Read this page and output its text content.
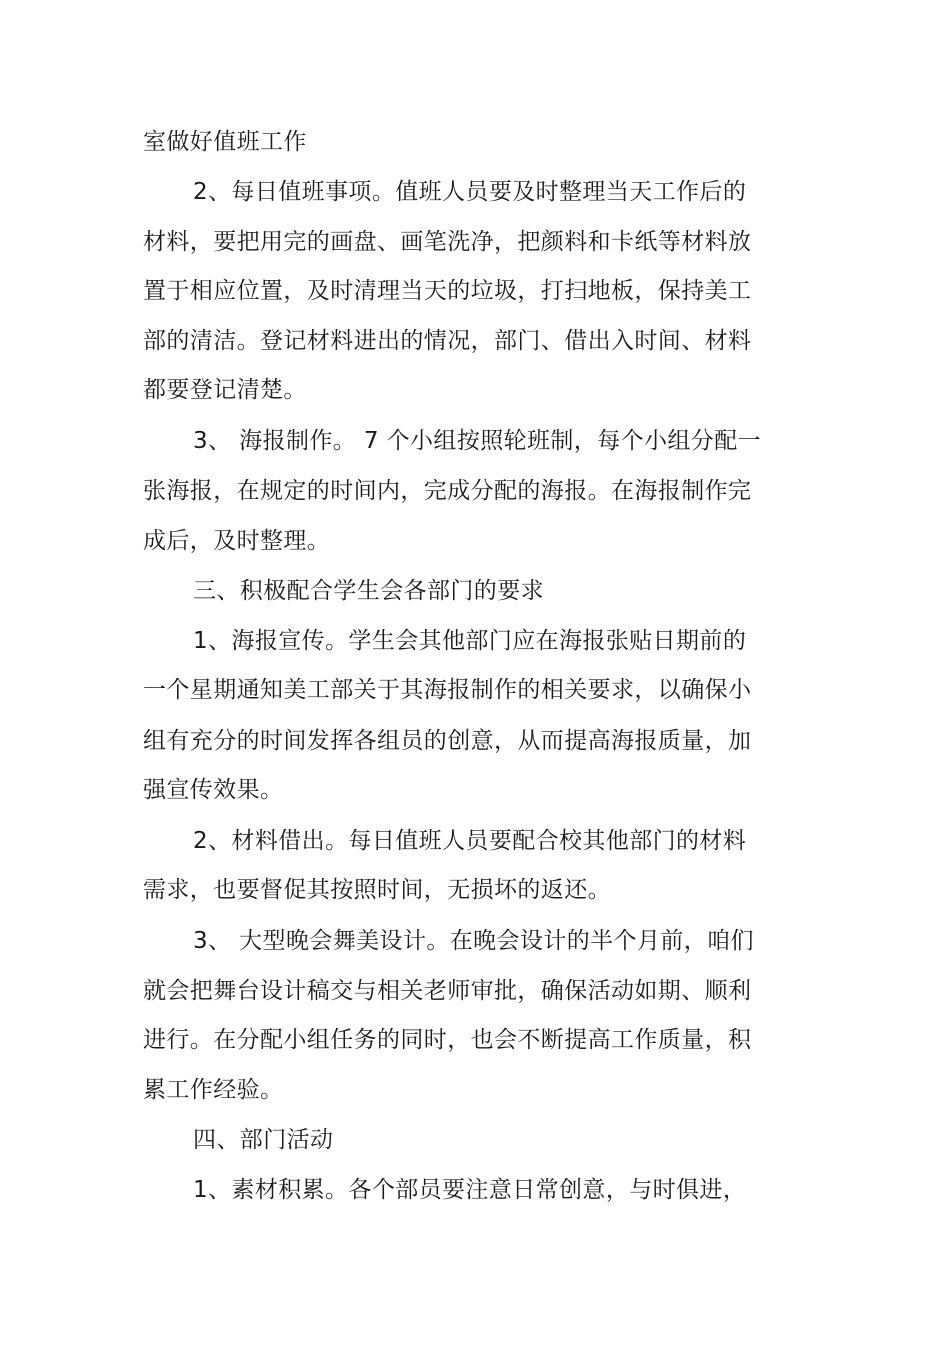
室做好值班工作

2、每日值班事项。值班人员要及时整理当天工作后的

材料，要把用完的画盘、画笔洗净，把颜料和卡纸等材料放

置于相应位置，及时清理当天的垃圾，打扫地板，保持美工

部的清洁。登记材料进出的情况，部门、借出入时间、材料

都要登记清楚。

3、 海报制作。 7 个小组按照轮班制，每个小组分配一

张海报，在规定的时间内，完成分配的海报。在海报制作完

成后，及时整理。

三、积极配合学生会各部门的要求

1、海报宣传。学生会其他部门应在海报张贴日期前的

一个星期通知美工部关于其海报制作的相关要求，以确保小

组有充分的时间发挥各组员的创意，从而提高海报质量，加

强宣传效果。

2、材料借出。每日值班人员要配合校其他部门的材料

需求，也要督促其按照时间，无损坏的返还。

3、 大型晚会舞美设计。在晚会设计的半个月前，咱们

就会把舞台设计稿交与相关老师审批，确保活动如期、顺利

进行。在分配小组任务的同时，也会不断提高工作质量，积

累工作经验。

四、部门活动

1、素材积累。各个部员要注意日常创意，与时俱进，
